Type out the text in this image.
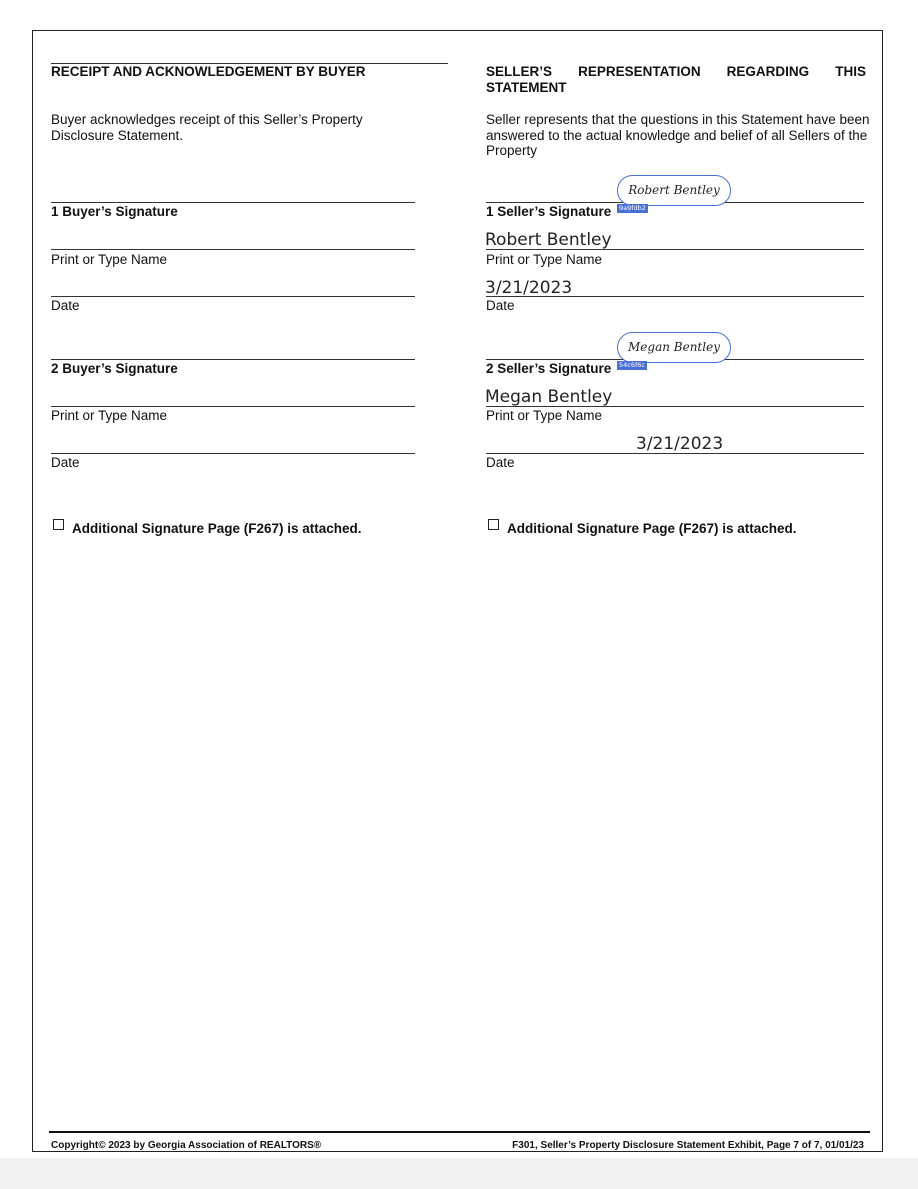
RECEIPT AND ACKNOWLEDGEMENT BY BUYER
Buyer acknowledges receipt of this Seller’s Property Disclosure Statement.
1 Buyer’s Signature
Print or Type Name
Date
2 Buyer’s Signature
Print or Type Name
Date
Additional Signature Page (F267) is attached.
SELLER’S REPRESENTATION REGARDING THIS
STATEMENT
Seller represents that the questions in this Statement have been answered to the actual knowledge and belief of all Sellers of the Property
Robert Bentley
9a9fdb2
1 Seller’s Signature
Robert Bentley
Print or Type Name
3/21/2023
Date
Megan Bentley
54c6f6c
2 Seller’s Signature
Megan Bentley
Print or Type Name
3/21/2023
Date
Additional Signature Page (F267) is attached.
Copyright© 2023 by Georgia Association of REALTORS®	F301, Seller’s Property Disclosure Statement Exhibit, Page 7 of 7, 01/01/23
